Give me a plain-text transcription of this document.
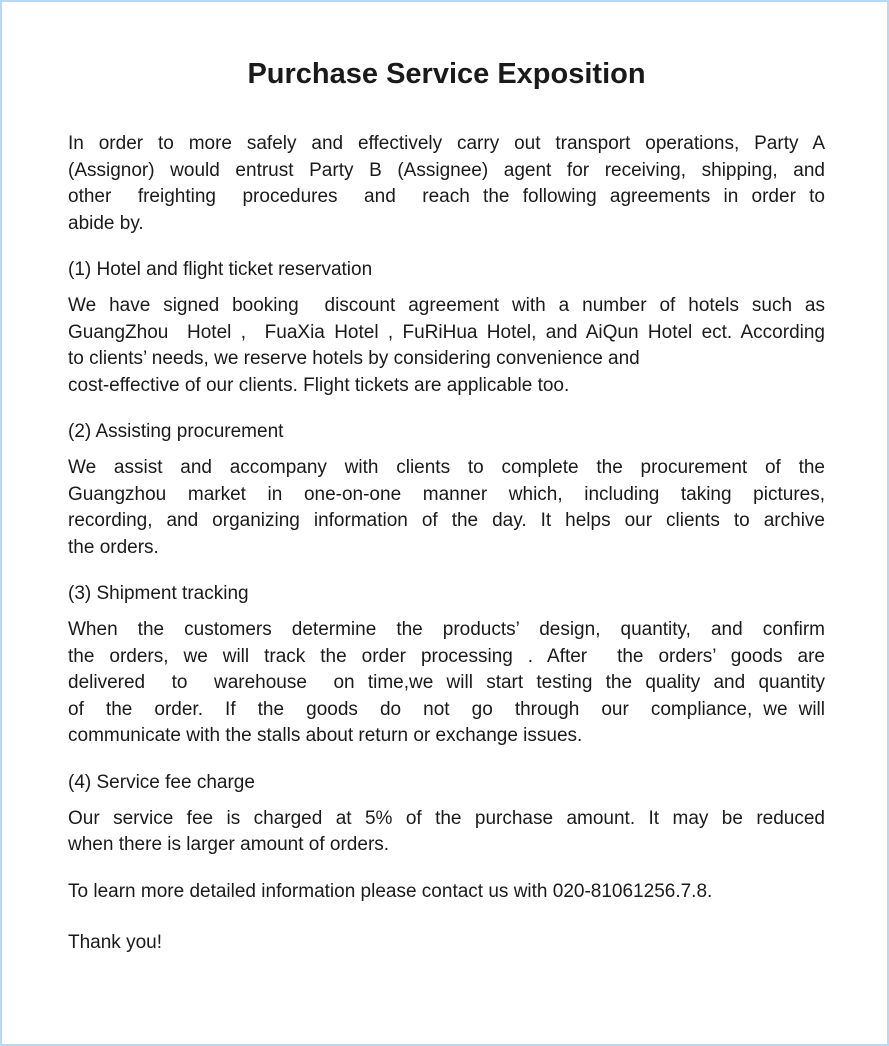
Purchase Service Exposition
In order to more safely and effectively carry out transport operations, Party A
(Assignor) would entrust Party B (Assignee) agent for receiving, shipping, and
other  freighting  procedures  and  reach the following agreements in order to
abide by.
(1) Hotel and flight ticket reservation
We have signed booking  discount agreement with a number of hotels such as
GuangZhou  Hotel ,  FuaXia Hotel , FuRiHua Hotel, and AiQun Hotel ect. According
to clients’ needs, we reserve hotels by considering convenience and
cost-effective of our clients. Flight tickets are applicable too.
(2) Assisting procurement
We assist and accompany with clients to complete the procurement of the
Guangzhou market in one-on-one manner which, including taking pictures,
recording, and organizing information of the day. It helps our clients to archive
the orders.
(3) Shipment tracking
When the customers determine the products’ design, quantity, and confirm
the orders, we will track the order processing . After  the orders’ goods are
delivered  to  warehouse  on time,we will start testing the quality and quantity
of  the  order.  If  the  goods  do  not  go  through  our  compliance, we will
communicate with the stalls about return or exchange issues.
(4) Service fee charge
Our service fee is charged at 5% of the purchase amount. It may be reduced
when there is larger amount of orders.
To learn more detailed information please contact us with 020-81061256.7.8.
Thank you!
